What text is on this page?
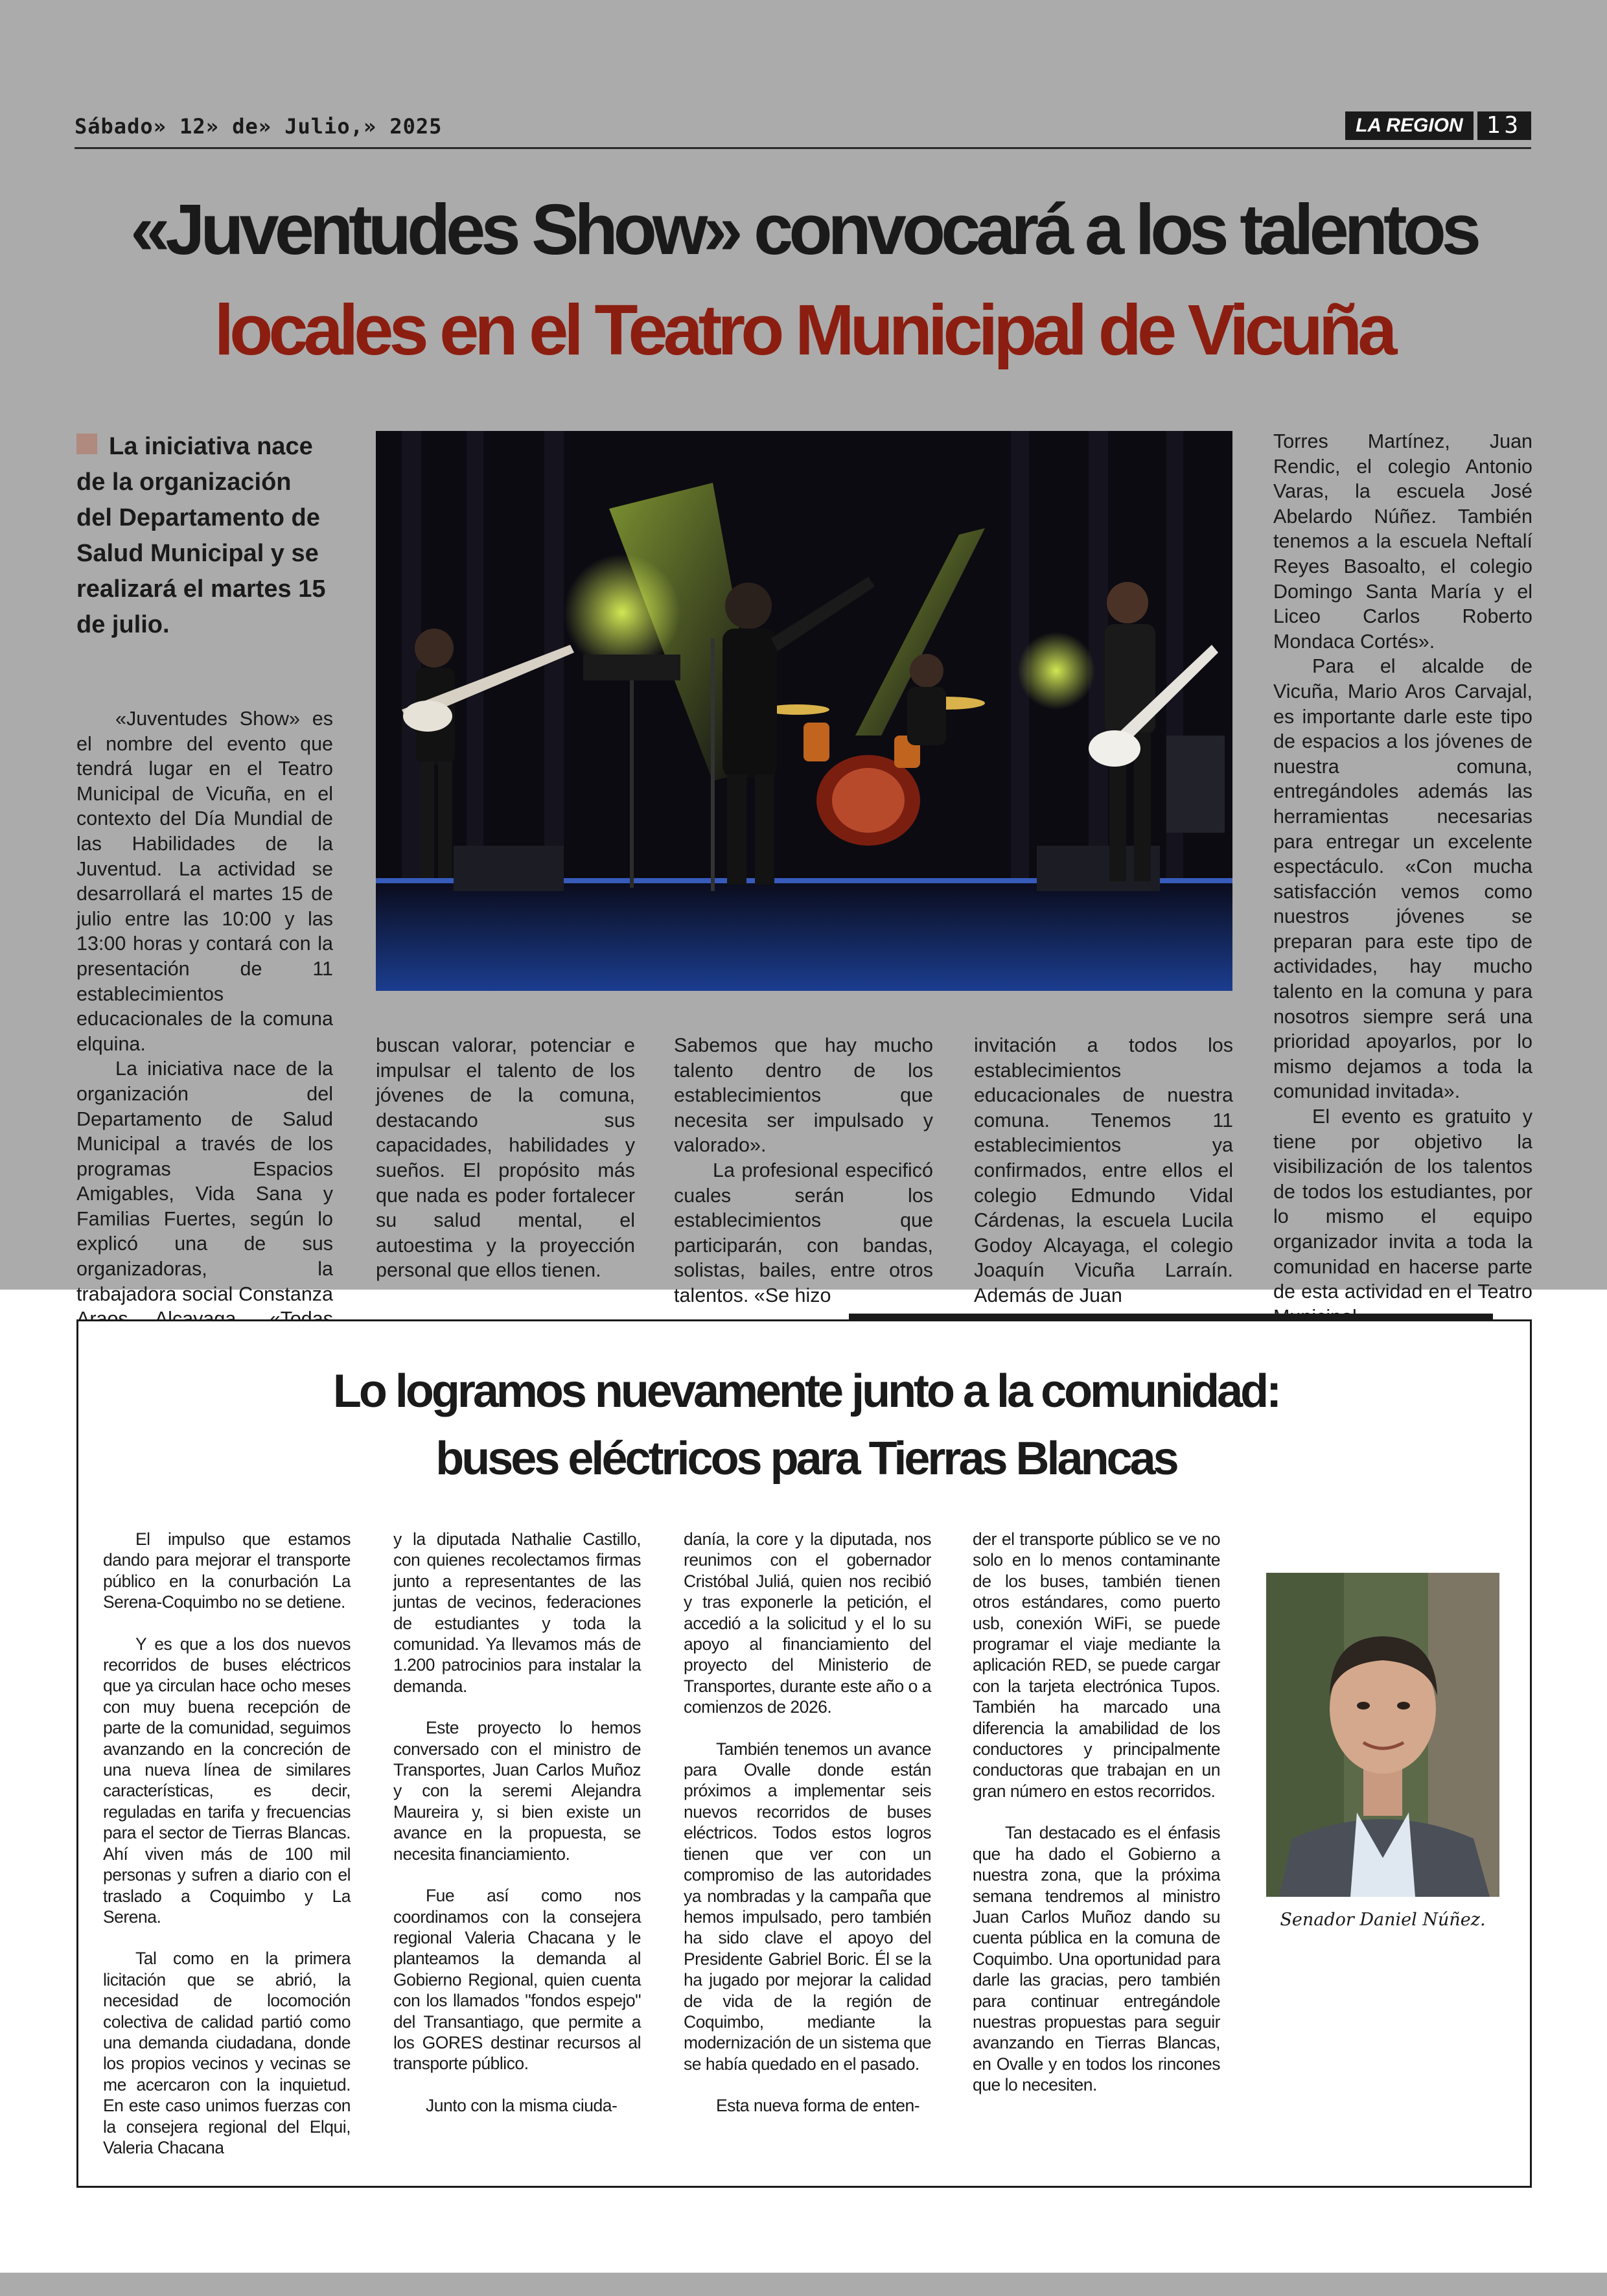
Sábado» 12» de» Julio,» 2025	LA REGION	13
«Juventudes Show» convocará a los talentos
locales en el Teatro Municipal de Vicuña
La iniciativa nace de la organización del Departamento de Salud Municipal y se realizará el martes 15 de julio.

«Juventudes Show» es el nombre del evento que tendrá lugar en el Teatro Municipal de Vicuña, en el contexto del Día Mundial de las Habilidades de la Juventud. La actividad se desarrollará el martes 15 de julio entre las 10:00 y las 13:00 horas y contará con la presentación de 11 establecimientos educacionales de la comuna elquina.

La iniciativa nace de la organización del Departamento de Salud Municipal a través de los programas Espacios Amigables, Vida Sana y Familias Fuertes, según lo explicó una de sus organizadoras, la trabajadora social Constanza

buscan valorar, potenciar e impulsar el talento de los jóvenes de la comuna, destacando sus capacidades, habilidades y sueños. El propósito más que nada es poder fortalecer su salud mental, el autoestima y la proyección personal que ellos tienen.

Sabemos que hay mucho talento dentro de los establecimientos que necesita ser impulsado y valorado».

La profesional especificó cuales serán los establecimientos que participarán, con bandas, solistas, bailes, entre otros talentos. «Se hizo

invitación a todos los establecimientos educacionales de nuestra comuna. Tenemos 11 establecimientos ya confirmados, entre ellos el colegio Edmundo Vidal Cárdenas, la escuela Lucila Godoy Alcayaga, el colegio Joaquín Vicuña Larraín. Además de Juan

Torres Martínez, Juan Rendic, el colegio Antonio Varas, la escuela José Abelardo Núñez. También tenemos a la escuela Neftalí Reyes Basoalto, el colegio Domingo Santa María y el Liceo Carlos Roberto Mondaca Cortés».

Para el alcalde de Vicuña, Mario Aros Carvajal, es importante darle este tipo de espacios a los jóvenes de nuestra comuna, entregándoles además las herramientas necesarias para entregar un excelente espectáculo. «Con mucha satisfacción vemos como nuestros jóvenes se preparan para este tipo de actividades, hay mucho talento en la comuna y para nosotros siempre será una prioridad apoyarlos, por lo mismo dejamos a toda la comunidad invitada».

El evento es gratuito y tiene por objetivo la visibilización de los talentos de todos los estudiantes, por lo mismo el equipo organizador invita a toda la comunidad en hacerse parte de esta actividad en el Teatro

Lo logramos nuevamente junto a la comunidad:
buses eléctricos para Tierras Blancas

El impulso que estamos dando para mejorar el transporte público en la conurbación La Serena-Coquimbo no se detiene.

Y es que a los dos nuevos recorridos de buses eléctricos que ya circulan hace ocho meses con muy buena recepción de parte de la comunidad, seguimos avanzando en la concreción de una nueva línea de similares características, es decir, reguladas en tarifa y frecuencias para el sector de Tierras Blancas. Ahí viven más de 100 mil personas y sufren a diario con el traslado a Coquimbo y La Serena.

Tal como en la primera licitación que se abrió, la necesidad de locomoción colectiva de calidad partió como una demanda ciudadana, donde los propios vecinos y vecinas se me acercaron con la inquietud. En este caso unimos fuerzas con la consejera regional del Elqui, Valeria Chacana

y la diputada Nathalie Castillo, con quienes recolectamos firmas junto a representantes de las juntas de vecinos, federaciones de estudiantes y toda la comunidad. Ya llevamos más de 1.200 patrocinios para instalar la demanda.

Este proyecto lo hemos conversado con el ministro de Transportes, Juan Carlos Muñoz y con la seremi Alejandra Maureira y, si bien existe un avance en la propuesta, se necesita financiamiento.

Fue así como nos coordinamos con la consejera regional Valeria Chacana y le planteamos la demanda al Gobierno Regional, quien cuenta con los llamados "fondos espejo" del Transantiago, que permite a los GORES destinar recursos al transporte público.

Junto con la misma ciuda-

danía, la core y la diputada, nos reunimos con el gobernador Cristóbal Juliá, quien nos recibió y tras exponerle la petición, el accedió a la solicitud y el lo su apoyo al financiamiento del proyecto del Ministerio de Transportes, durante este año o a comienzos de 2026.

También tenemos un avance para Ovalle donde están próximos a implementar seis nuevos recorridos de buses eléctricos. Todos estos logros tienen que ver con un compromiso de las autoridades ya nombradas y la campaña que hemos impulsado, pero también ha sido clave el apoyo del Presidente Gabriel Boric. Él se la ha jugado por mejorar la calidad de vida de la región de Coquimbo, mediante la modernización de un sistema que se había quedado en el pasado.

Esta nueva forma de enten-

der el transporte público se ve no solo en lo menos contaminante de los buses, también tienen otros estándares, como puerto usb, conexión WiFi, se puede programar el viaje mediante la aplicación RED, se puede cargar con la tarjeta electrónica Tupos. También ha marcado una diferencia la amabilidad de los conductores y principalmente conductoras que trabajan en un gran número en estos recorridos.

Tan destacado es el énfasis que ha dado el Gobierno a nuestra zona, que la próxima semana tendremos al ministro Juan Carlos Muñoz dando su cuenta pública en la comuna de Coquimbo. Una oportunidad para darle las gracias, pero también para continuar entregándole nuestras propuestas para seguir avanzando en Tierras Blancas, en Ovalle y en todos los rincones que lo necesiten.

Senador Daniel Núñez.
